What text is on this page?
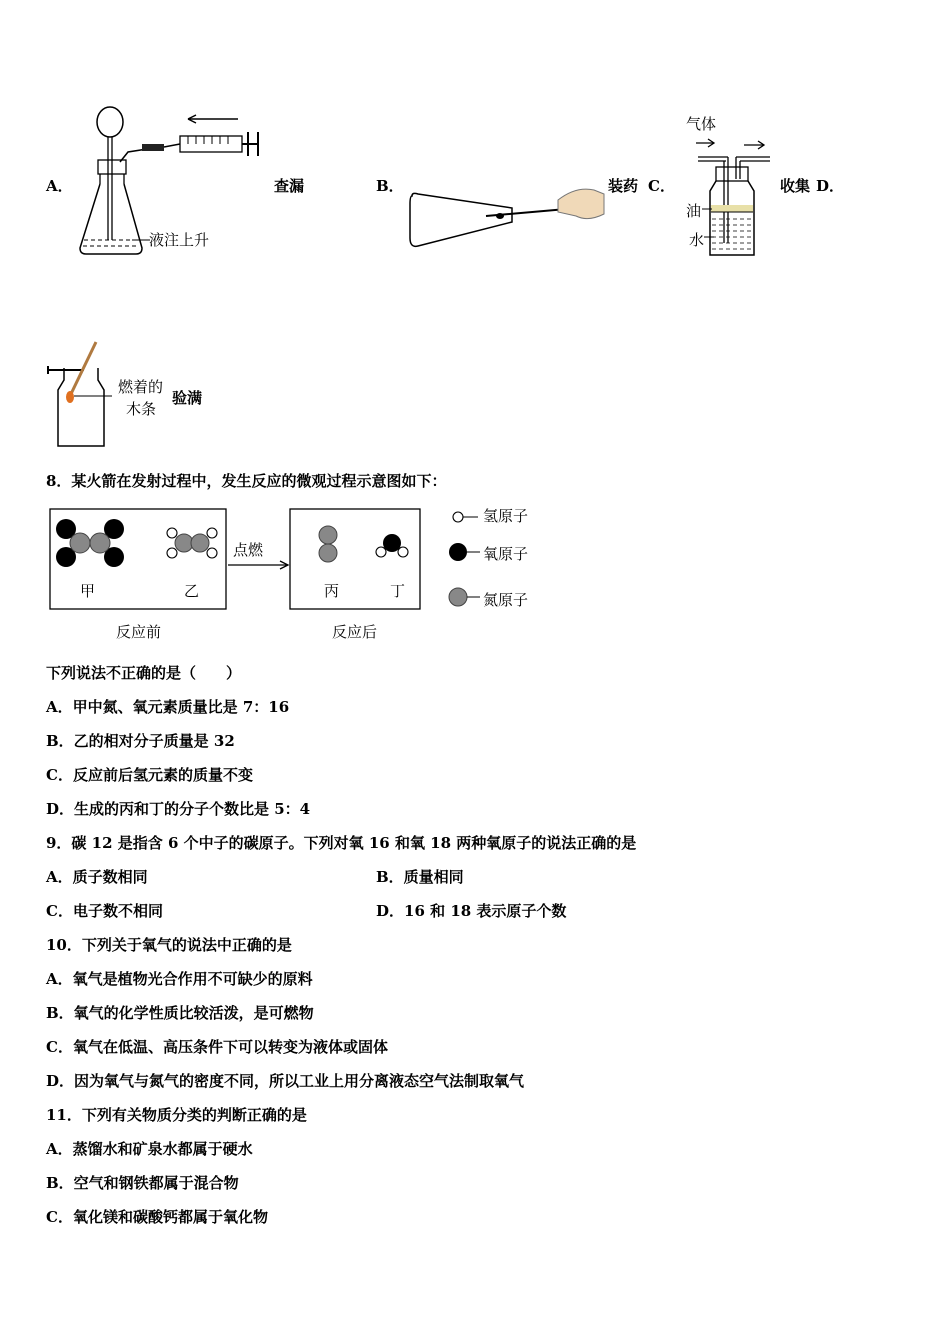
A．	查漏	B．	装药 C．	收集 D．
液注上升
气体
油
水
燃着的
木条
验满
8．某火箭在发射过程中，发生反应的微观过程示意图如下：
甲	乙	丙	丁
点燃
反应前	反应后
氢原子
氧原子
氮原子
下列说法不正确的是（　　）
A．甲中氮、氧元素质量比是 7：16
B．乙的相对分子质量是 32
C．反应前后氢元素的质量不变
D．生成的丙和丁的分子个数比是 5：4
9．碳 12 是指含 6 个中子的碳原子。下列对氧 16 和氧 18 两种氧原子的说法正确的是
A．质子数相同	B．质量相同
C．电子数不相同	D．16 和 18 表示原子个数
10．下列关于氧气的说法中正确的是
A．氧气是植物光合作用不可缺少的原料
B．氧气的化学性质比较活泼，是可燃物
C．氧气在低温、高压条件下可以转变为液体或固体
D．因为氧气与氮气的密度不同，所以工业上用分离液态空气法制取氧气
11．下列有关物质分类的判断正确的是
A．蒸馏水和矿泉水都属于硬水
B．空气和钢铁都属于混合物
C．氧化镁和碳酸钙都属于氧化物
